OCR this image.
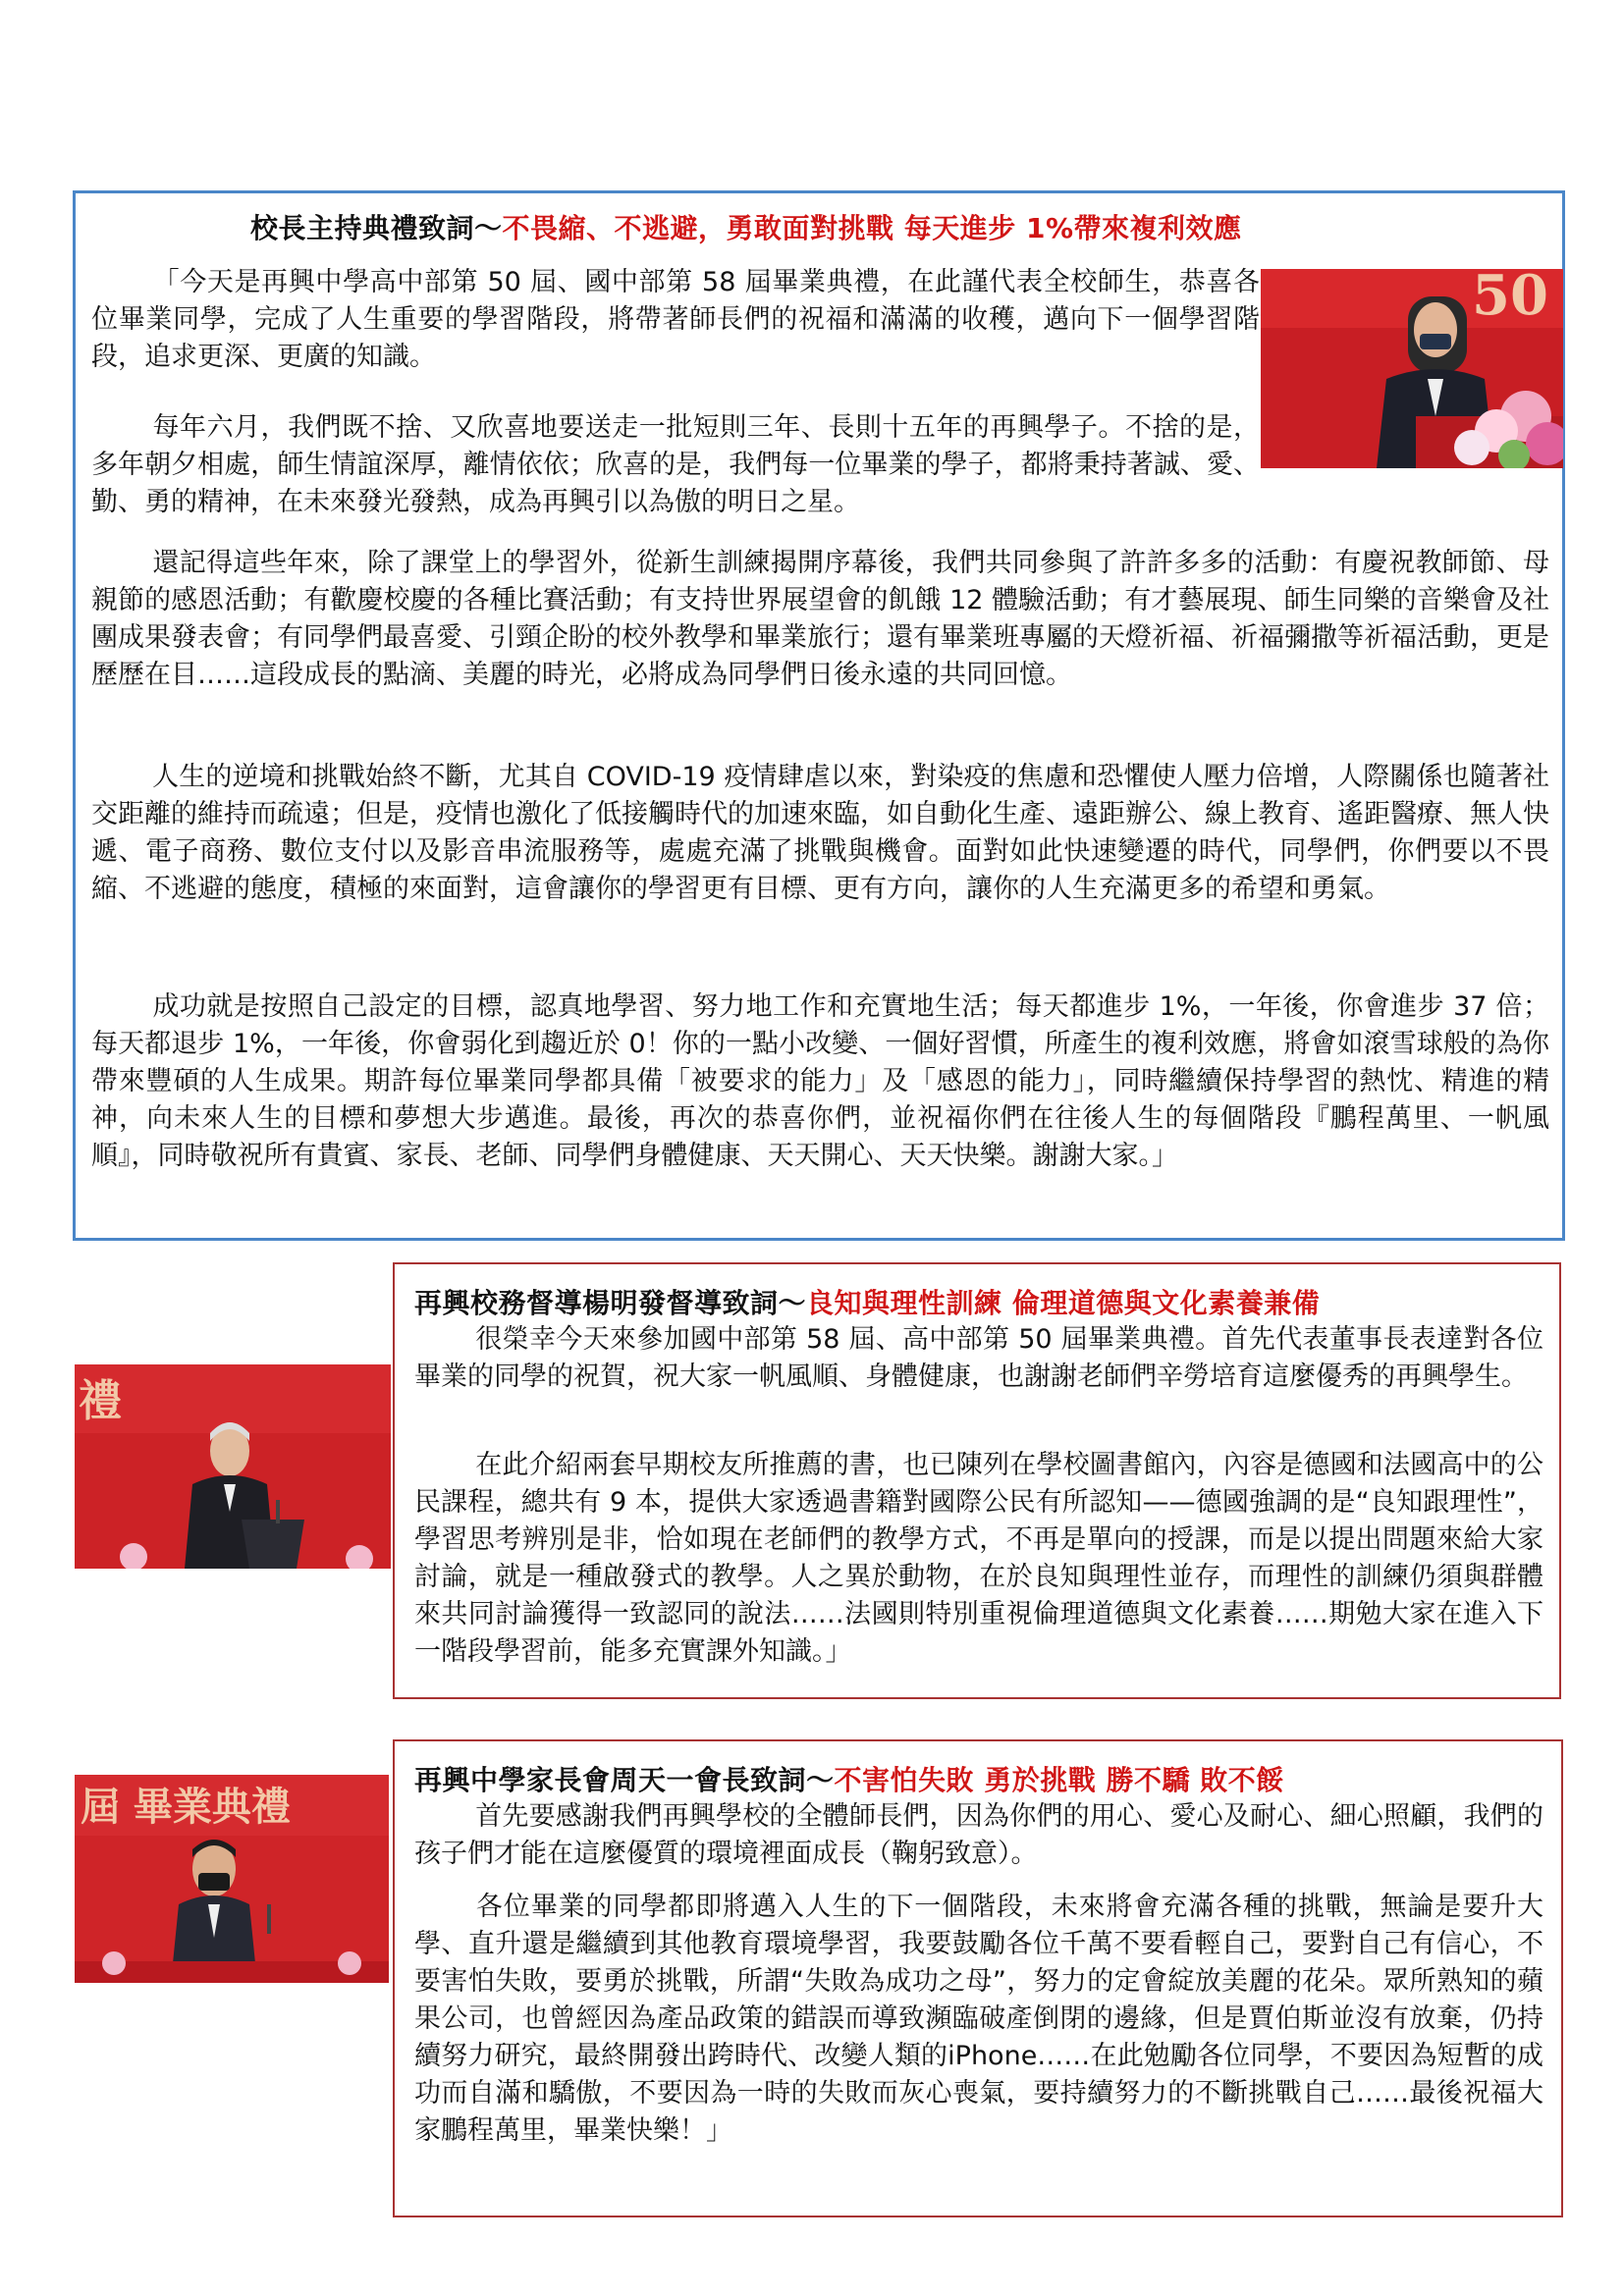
校長主持典禮致詞～不畏縮、不逃避，勇敢面對挑戰 每天進步 1%帶來複利效應

「今天是再興中學高中部第 50 屆、國中部第 58 屆畢業典禮，在此謹代表全校師生，恭喜各位畢業同學，完成了人生重要的學習階段，將帶著師長們的祝福和滿滿的收穫，邁向下一個學習階段，追求更深、更廣的知識。

每年六月，我們既不捨、又欣喜地要送走一批短則三年、長則十五年的再興學子。不捨的是，多年朝夕相處，師生情誼深厚，離情依依；欣喜的是，我們每一位畢業的學子，都將秉持著誠、愛、勤、勇的精神，在未來發光發熱，成為再興引以為傲的明日之星。

還記得這些年來，除了課堂上的學習外，從新生訓練揭開序幕後，我們共同參與了許許多多的活動：有慶祝教師節、母親節的感恩活動；有歡慶校慶的各種比賽活動；有支持世界展望會的飢餓 12 體驗活動；有才藝展現、師生同樂的音樂會及社團成果發表會；有同學們最喜愛、引頸企盼的校外教學和畢業旅行；還有畢業班專屬的天燈祈福、祈福彌撒等祈福活動，更是歷歷在目……這段成長的點滴、美麗的時光，必將成為同學們日後永遠的共同回憶。

人生的逆境和挑戰始終不斷，尤其自 COVID-19 疫情肆虐以來，對染疫的焦慮和恐懼使人壓力倍增，人際關係也隨著社交距離的維持而疏遠；但是，疫情也激化了低接觸時代的加速來臨，如自動化生產、遠距辦公、線上教育、遙距醫療、無人快遞、電子商務、數位支付以及影音串流服務等，處處充滿了挑戰與機會。面對如此快速變遷的時代，同學們，你們要以不畏縮、不逃避的態度，積極的來面對，這會讓你的學習更有目標、更有方向，讓你的人生充滿更多的希望和勇氣。

成功就是按照自己設定的目標，認真地學習、努力地工作和充實地生活；每天都進步 1%，一年後，你會進步 37 倍；每天都退步 1%，一年後，你會弱化到趨近於 0！你的一點小改變、一個好習慣，所產生的複利效應，將會如滾雪球般的為你帶來豐碩的人生成果。期許每位畢業同學都具備「被要求的能力」及「感恩的能力」，同時繼續保持學習的熱忱、精進的精神，向未來人生的目標和夢想大步邁進。最後，再次的恭喜你們，並祝福你們在往後人生的每個階段『鵬程萬里、一帆風順』，同時敬祝所有貴賓、家長、老師、同學們身體健康、天天開心、天天快樂。謝謝大家。」

50
再興校務督導楊明發督導致詞～良知與理性訓練 倫理道德與文化素養兼備

很榮幸今天來參加國中部第 58 屆、高中部第 50 屆畢業典禮。首先代表董事長表達對各位畢業的同學的祝賀，祝大家一帆風順、身體健康，也謝謝老師們辛勞培育這麼優秀的再興學生。

在此介紹兩套早期校友所推薦的書，也已陳列在學校圖書館內，內容是德國和法國高中的公民課程，總共有 9 本，提供大家透過書籍對國際公民有所認知——德國強調的是“良知跟理性”，學習思考辨別是非，恰如現在老師們的教學方式，不再是單向的授課，而是以提出問題來給大家討論，就是一種啟發式的教學。人之異於動物，在於良知與理性並存，而理性的訓練仍須與群體來共同討論獲得一致認同的說法……法國則特別重視倫理道德與文化素養……期勉大家在進入下一階段學習前，能多充實課外知識。」

禮
再興中學家長會周天一會長致詞～不害怕失敗 勇於挑戰 勝不驕 敗不餒

首先要感謝我們再興學校的全體師長們，因為你們的用心、愛心及耐心、細心照顧，我們的孩子們才能在這麼優質的環境裡面成長（鞠躬致意）。

各位畢業的同學都即將邁入人生的下一個階段，未來將會充滿各種的挑戰，無論是要升大學、直升還是繼續到其他教育環境學習，我要鼓勵各位千萬不要看輕自己，要對自己有信心，不要害怕失敗，要勇於挑戰，所謂“失敗為成功之母”，努力的定會綻放美麗的花朵。眾所熟知的蘋果公司，也曾經因為產品政策的錯誤而導致瀕臨破產倒閉的邊緣，但是賈伯斯並沒有放棄，仍持續努力研究，最終開發出跨時代、改變人類的iPhone……在此勉勵各位同學，不要因為短暫的成功而自滿和驕傲，不要因為一時的失敗而灰心喪氣，要持續努力的不斷挑戰自己……最後祝福大家鵬程萬里，畢業快樂！」

屆 畢業典禮
